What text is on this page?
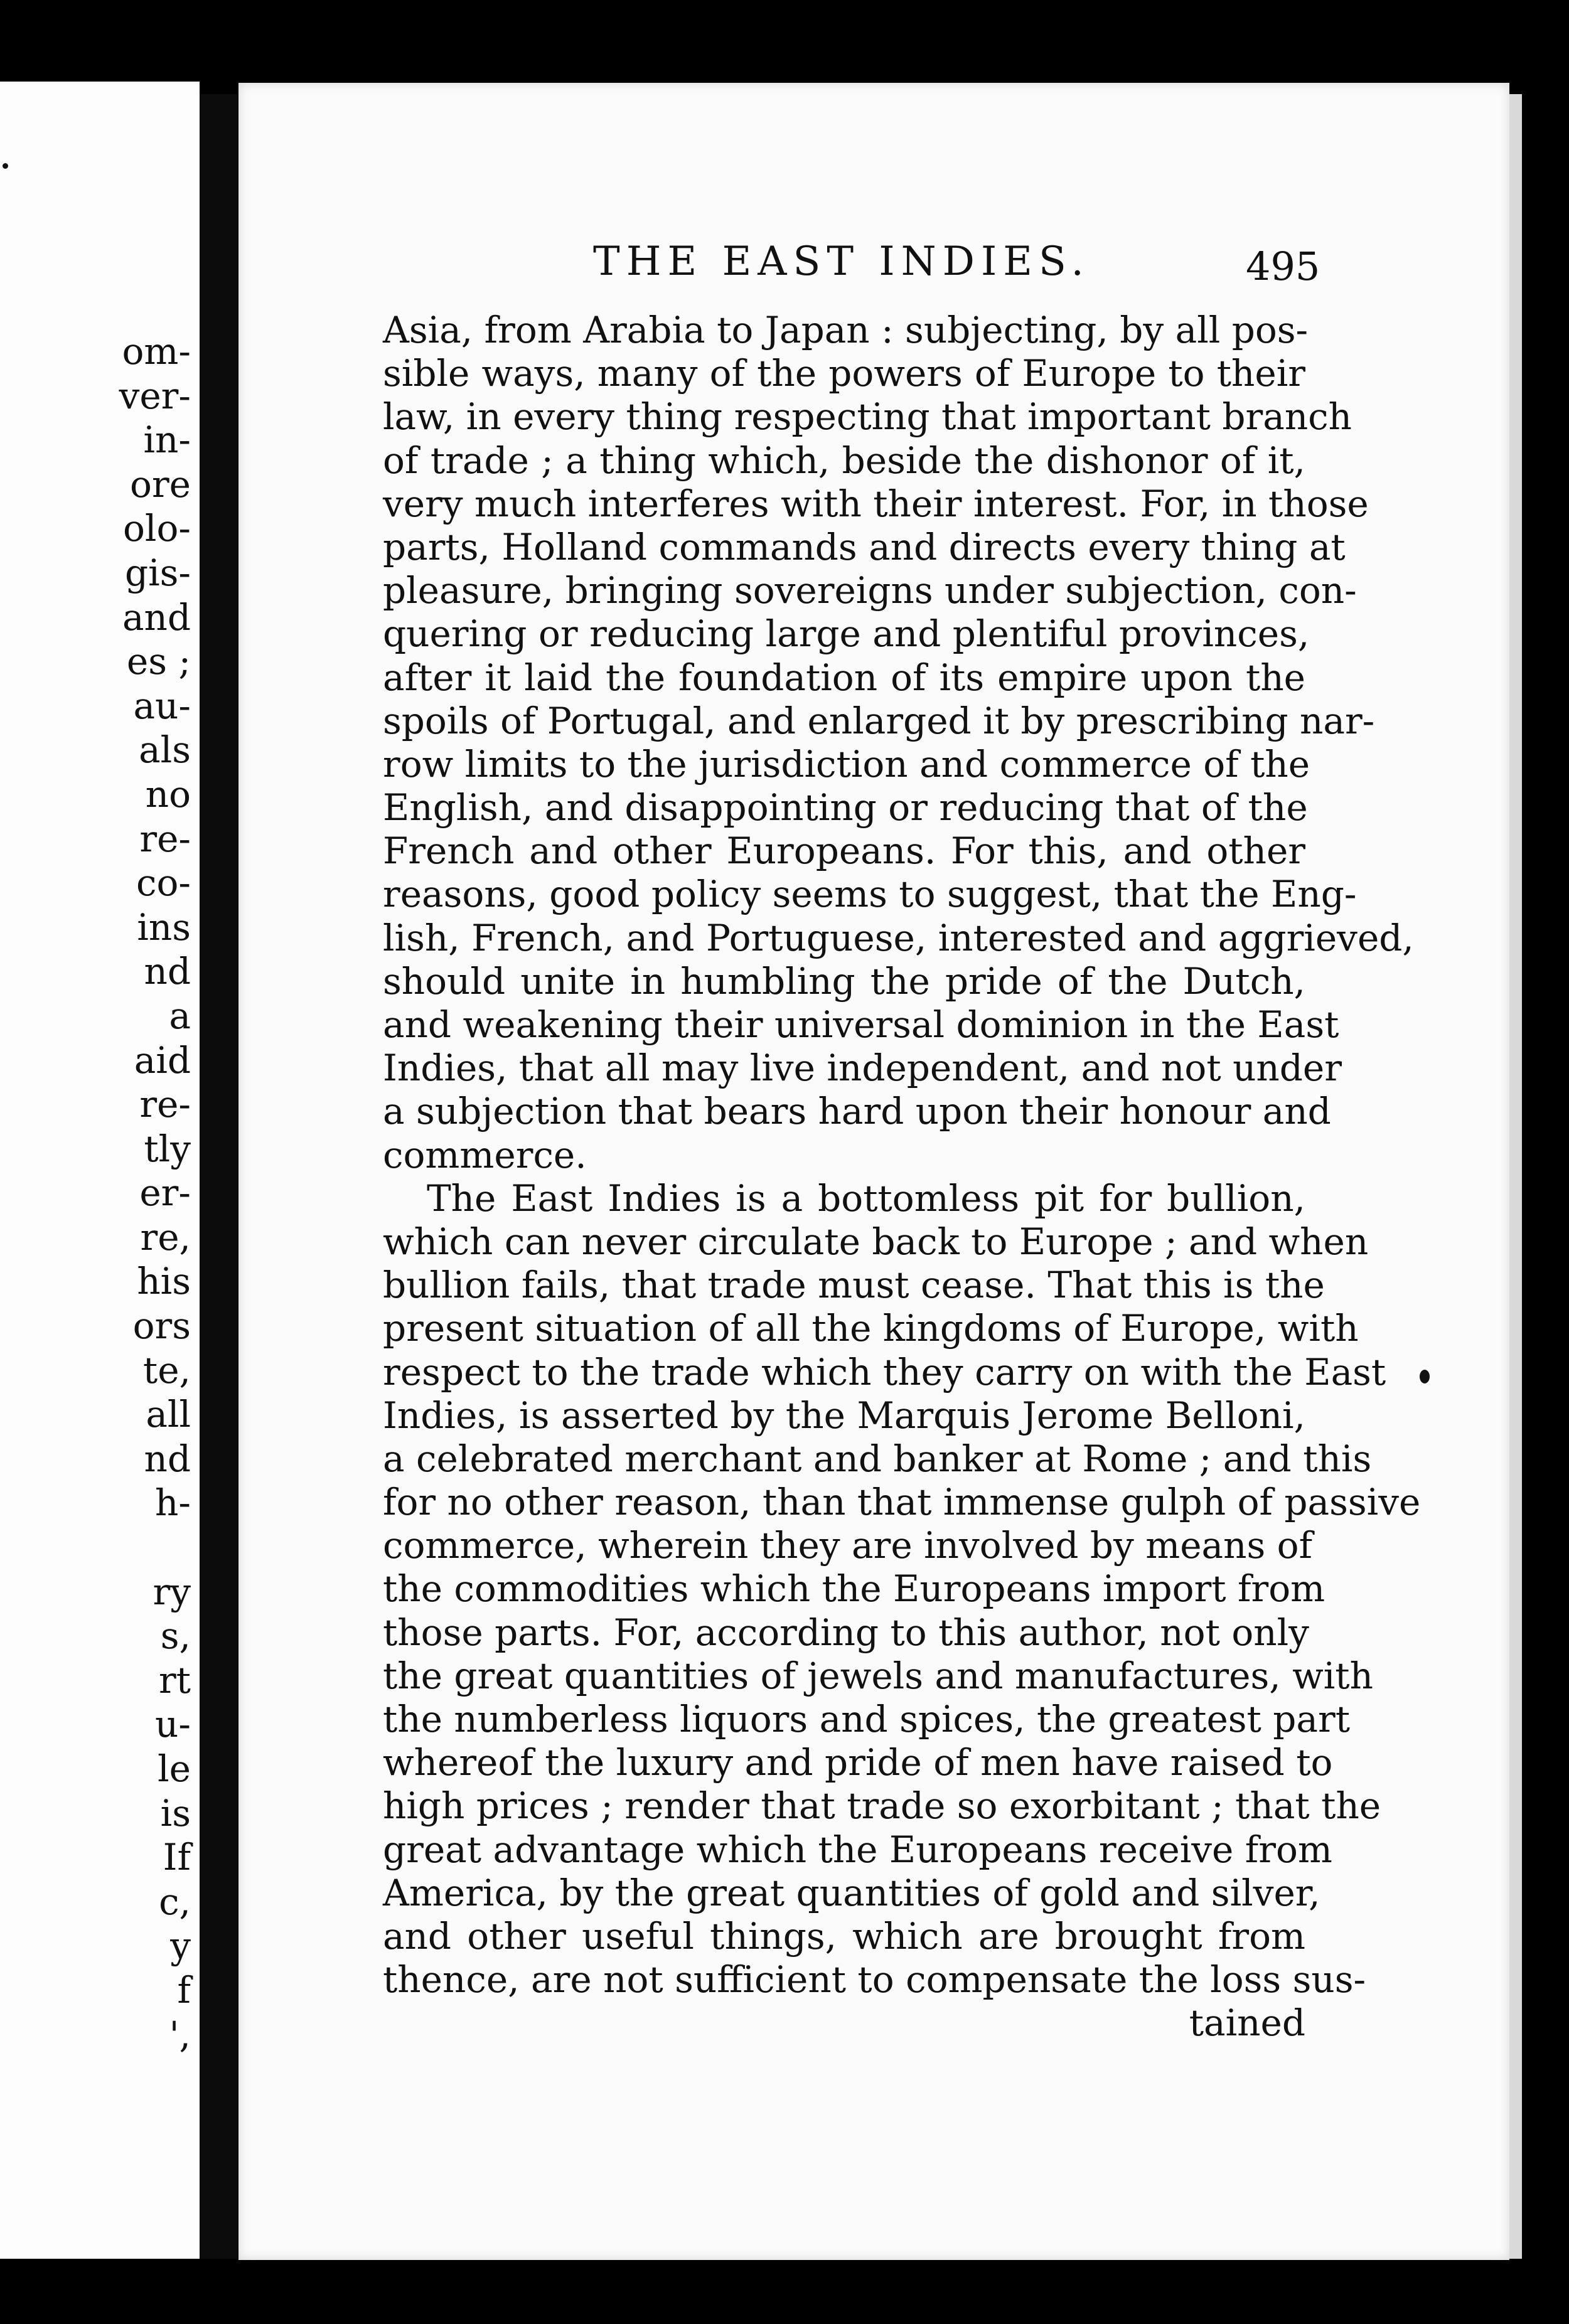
om-
ver-
in-
ore
olo-
gis-
and
es ;
au-
als
no
re-
co-
ins
nd
a
aid
re-
tly
er-
re,
his
ors
te,
all
nd
h-
ry
s,
rt
u-
le
is
If
c,
y
f
',
THE EAST INDIES.	495
Asia, from Arabia to Japan : subjecting, by all pos-
sible ways, many of the powers of Europe to their
law, in every thing respecting that important branch
of trade ; a thing which, beside the dishonor of it,
very much interferes with their interest. For, in those
parts, Holland commands and directs every thing at
pleasure, bringing sovereigns under subjection, con-
quering or reducing large and plentiful provinces,
after it laid the foundation of its empire upon the
spoils of Portugal, and enlarged it by prescribing nar-
row limits to the jurisdiction and commerce of the
English, and disappointing or reducing that of the
French and other Europeans. For this, and other
reasons, good policy seems to suggest, that the Eng-
lish, French, and Portuguese, interested and aggrieved,
should unite in humbling the pride of the Dutch,
and weakening their universal dominion in the East
Indies, that all may live independent, and not under
a subjection that bears hard upon their honour and
commerce.
The East Indies is a bottomless pit for bullion,
which can never circulate back to Europe ; and when
bullion fails, that trade must cease. That this is the
present situation of all the kingdoms of Europe, with
respect to the trade which they carry on with the East
Indies, is asserted by the Marquis Jerome Belloni,
a celebrated merchant and banker at Rome ; and this
for no other reason, than that immense gulph of passive
commerce, wherein they are involved by means of
the commodities which the Europeans import from
those parts. For, according to this author, not only
the great quantities of jewels and manufactures, with
the numberless liquors and spices, the greatest part
whereof the luxury and pride of men have raised to
high prices ; render that trade so exorbitant ; that the
great advantage which the Europeans receive from
America, by the great quantities of gold and silver,
and other useful things, which are brought from
thence, are not sufficient to compensate the loss sus-
tained
